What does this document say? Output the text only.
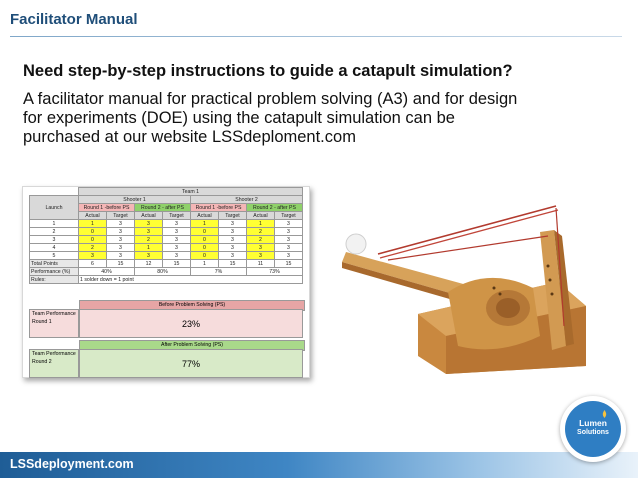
Facilitator Manual
Need step-by-step instructions to guide a catapult simulation?
A facilitator manual for practical problem solving (A3) and for design for experiments (DOE) using the catapult simulation can be purchased at our website LSSdeploment.com
	Team 1							
Launch	Shooter 1				Shooter 2			
	Round 1 -before PS		Round 2 - after PS		Round 1 -before PS		Round 2 - after PS	
	Actual	Target	Actual	Target	Actual	Target	Actual	Target
1	1	3	3	3	1	3	1	3
2	0	3	3	3	0	3	2	3
3	0	3	2	3	0	3	2	3
4	2	3	1	3	0	3	3	3
5	3	3	3	3	0	3	3	3
Total Points	6	15	12	15	1	15	11	15
Performance (%)	40%		80%		7%		73%	
Rules:	1 solder down = 1 point							
Before Problem Solving (PS)
Team Performance Round 1	23%
After Problem Solving (PS)
Team Performance Round 2	77%
LSSdeployment.com
Lumen
Solutions
